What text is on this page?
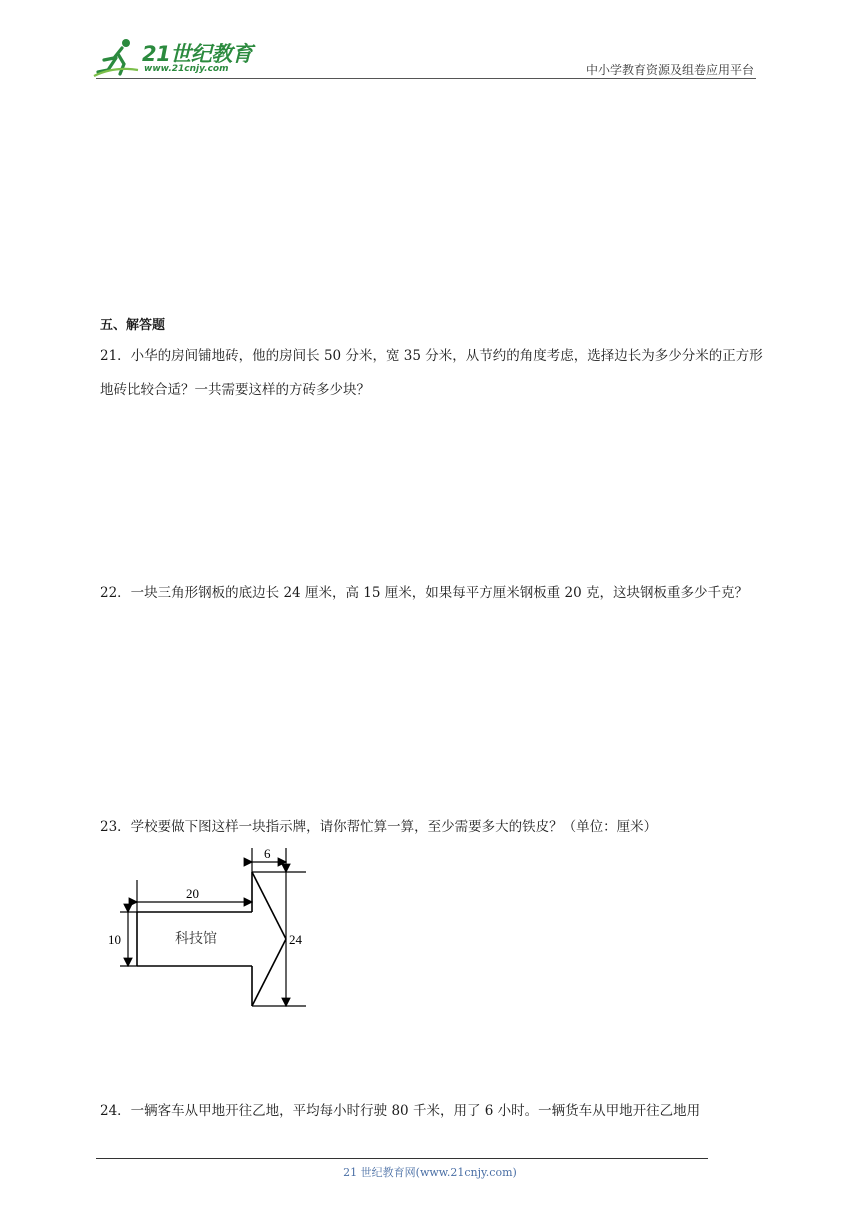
21世纪教育
www.21cnjy.com	中小学教育资源及组卷应用平台
五、解答题
21．小华的房间铺地砖，他的房间长 50 分米，宽 35 分米，从节约的角度考虑，选择边长为多少分米的正方形地砖比较合适？一共需要这样的方砖多少块？
22．一块三角形钢板的底边长 24 厘米，高 15 厘米，如果每平方厘米钢板重 20 克，这块钢板重多少千克？
23．学校要做下图这样一块指示牌，请你帮忙算一算，至少需要多大的铁皮？（单位：厘米）
20
10
6
24
科技馆
24．一辆客车从甲地开往乙地，平均每小时行驶 80 千米，用了 6 小时。一辆货车从甲地开往乙地用
21 世纪教育网(www.21cnjy.com)
